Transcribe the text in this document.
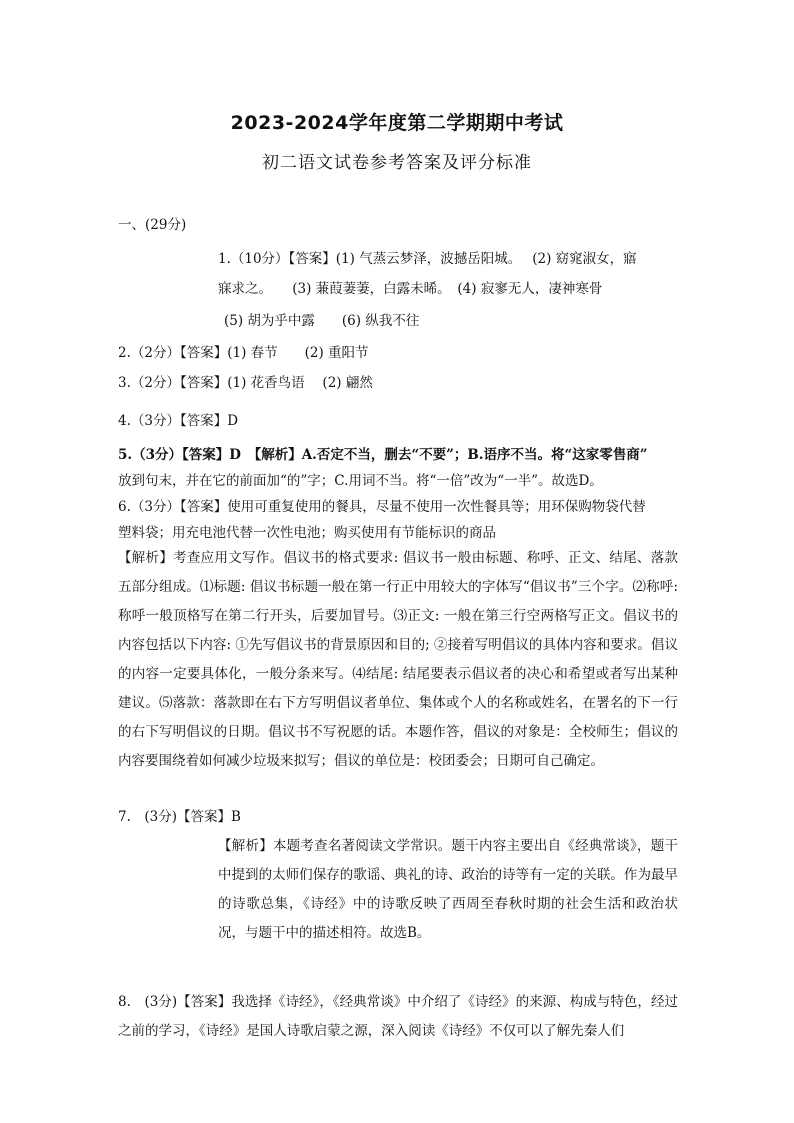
2023-2024学年度第二学期期中考试
初二语文试卷参考答案及评分标准
一、(29分)
1.（10分）【答案】(1) 气蒸云梦泽，波撼岳阳城。　 (2) 窈窕淑女，寤
寐求之。　　(3) 蒹葭萋萋，白露未晞。　(4) 寂寥无人，凄神寒骨
(5) 胡为乎中露　　(6) 纵我不往
2.（2分）【答案】(1) 春节　　(2) 重阳节
3.（2分）【答案】(1) 花香鸟语　 (2) 翩然
4.（3分）【答案】D
5.（3分）【答案】D　【解析】A.否定不当，删去“不要”；B.语序不当。将“这家零售商”
放到句末，并在它的前面加“的”字；C.用词不当。将“一倍”改为“一半”。故选D。
6.（3分）【答案】使用可重复使用的餐具，尽量不使用一次性餐具等；用环保购物袋代替
塑料袋；用充电池代替一次性电池；购买使用有节能标识的商品
【解析】考查应用文写作。倡议书的格式要求: 倡议书一般由标题、称呼、正文、结尾、落款五部分组成。⑴标题: 倡议书标题一般在第一行正中用较大的字体写“倡议书”三个字。⑵称呼: 称呼一般顶格写在第二行开头，后要加冒号。⑶正文: 一般在第三行空两格写正文。倡议书的内容包括以下内容: ①先写倡议书的背景原因和目的; ②接着写明倡议的具体内容和要求。倡议的内容一定要具体化，一般分条来写。⑷结尾: 结尾要表示倡议者的决心和希望或者写出某种建议。⑸落款：落款即在右下方写明倡议者单位、集体或个人的名称或姓名，在署名的下一行的右下写明倡议的日期。倡议书不写祝愿的话。本题作答，倡议的对象是：全校师生；倡议的内容要围绕着如何减少垃圾来拟写；倡议的单位是：校团委会；日期可自己确定。
7.　(3分)【答案】B
【解析】本题考查名著阅读文学常识。题干内容主要出自《经典常谈》，题干中提到的太师们保存的歌谣、典礼的诗、政治的诗等有一定的关联。作为最早的诗歌总集，《诗经》中的诗歌反映了西周至春秋时期的社会生活和政治状况，与题干中的描述相符。故选B。
8.　(3分)【答案】我选择《诗经》，《经典常谈》中介绍了《诗经》的来源、构成与特色，经过之前的学习，《诗经》是国人诗歌启蒙之源，深入阅读《诗经》不仅可以了解先秦人们
